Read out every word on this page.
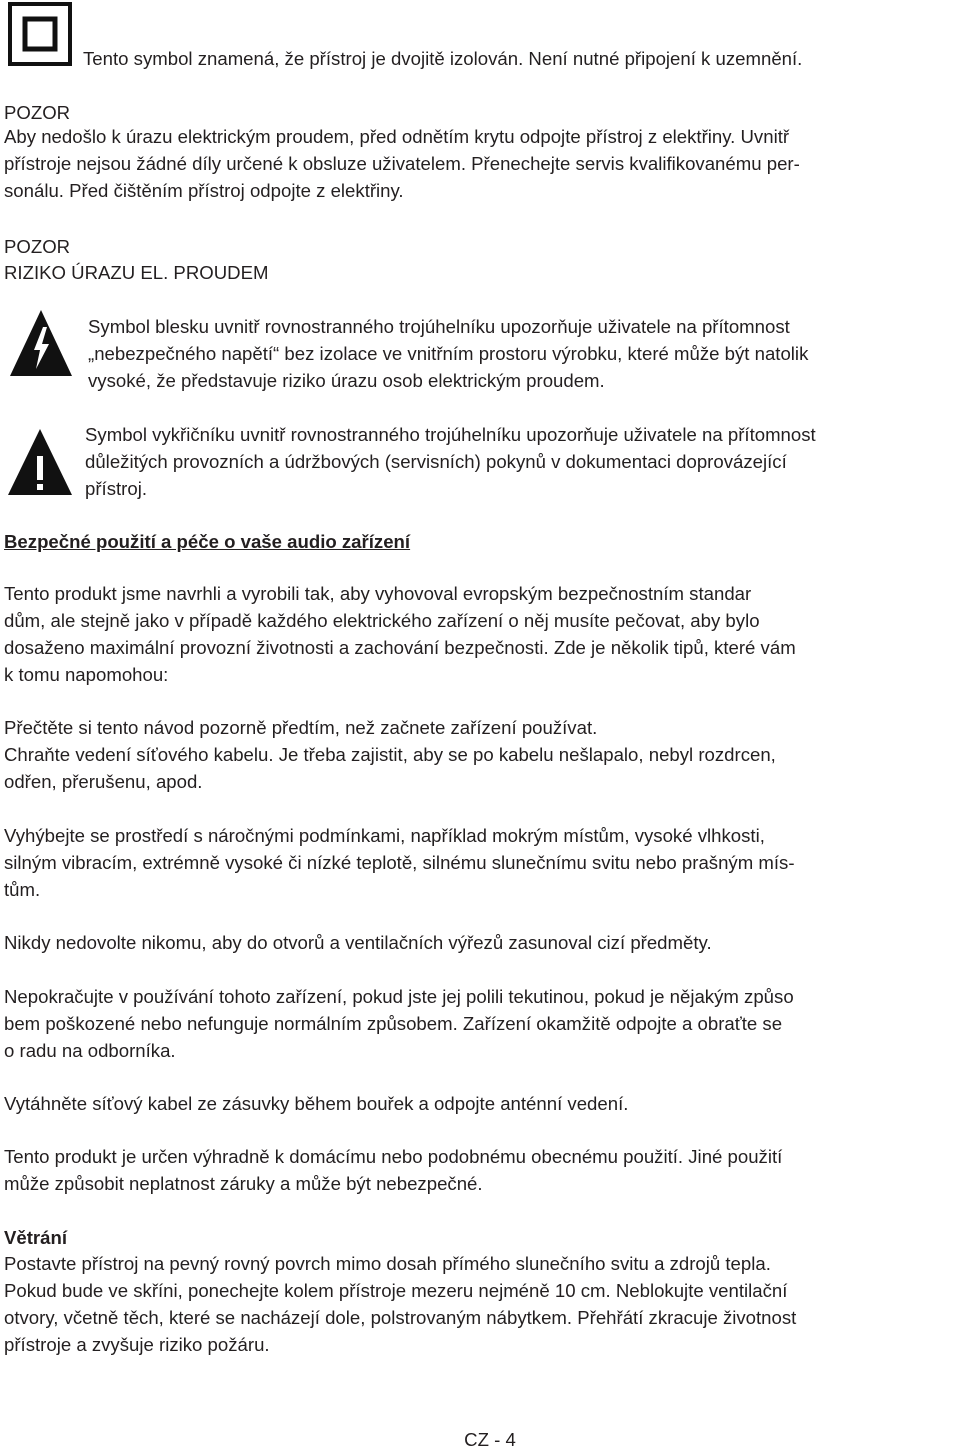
Tento symbol znamená, že přístroj je dvojitě izolován. Není nutné připojení k uzemnění.

POZOR

Aby nedošlo k úrazu elektrickým proudem, před odnětím krytu odpojte přístroj z elektřiny. Uvnitř
přístroje nejsou žádné díly určené k obsluze uživatelem. Přenechejte servis kvalifikovanému per-
sonálu. Před čištěním přístroj odpojte z elektřiny.

POZOR

RIZIKO ÚRAZU EL. PROUDEM

Symbol blesku uvnitř rovnostranného trojúhelníku upozorňuje uživatele na přítomnost
„nebezpečného napětí“ bez izolace ve vnitřním prostoru výrobku, které může být natolik
vysoké, že představuje riziko úrazu osob elektrickým proudem.
Symbol vykřičníku uvnitř rovnostranného trojúhelníku upozorňuje uživatele na přítomnost
důležitých provozních a údržbových (servisních) pokynů v dokumentaci doprovázející
přístroj.

Bezpečné použití a péče o vaše audio zařízení

Tento produkt jsme navrhli a vyrobili tak, aby vyhovoval evropským bezpečnostním standar
dům, ale stejně jako v případě každého elektrického zařízení o něj musíte pečovat, aby bylo
dosaženo maximální provozní životnosti a zachování bezpečnosti. Zde je několik tipů, které vám
k tomu napomohou:
Přečtěte si tento návod pozorně předtím, než začnete zařízení používat.
Chraňte vedení síťového kabelu. Je třeba zajistit, aby se po kabelu nešlapalo, nebyl rozdrcen,
odřen, přerušenu, apod.
Vyhýbejte se prostředí s náročnými podmínkami, například mokrým místům, vysoké vlhkosti,
silným vibracím, extrémně vysoké či nízké teplotě, silnému slunečnímu svitu nebo prašným mís-
tům.
Nikdy nedovolte nikomu, aby do otvorů a ventilačních výřezů zasunoval cizí předměty.
Nepokračujte v používání tohoto zařízení, pokud jste jej polili tekutinou, pokud je nějakým způso
bem poškozené nebo nefunguje normálním způsobem. Zařízení okamžitě odpojte a obraťte se
o radu na odborníka.
Vytáhněte síťový kabel ze zásuvky během bouřek a odpojte anténní vedení.
Tento produkt je určen výhradně k domácímu nebo podobnému obecnému použití. Jiné použití
může způsobit neplatnost záruky a může být nebezpečné.

Větrání

Postavte přístroj na pevný rovný povrch mimo dosah přímého slunečního svitu a zdrojů tepla.
Pokud bude ve skříni, ponechejte kolem přístroje mezeru nejméně 10 cm. Neblokujte ventilační
otvory, včetně těch, které se nacházejí dole, polstrovaným nábytkem. Přehřátí zkracuje životnost
přístroje a zvyšuje riziko požáru.
CZ - 4
